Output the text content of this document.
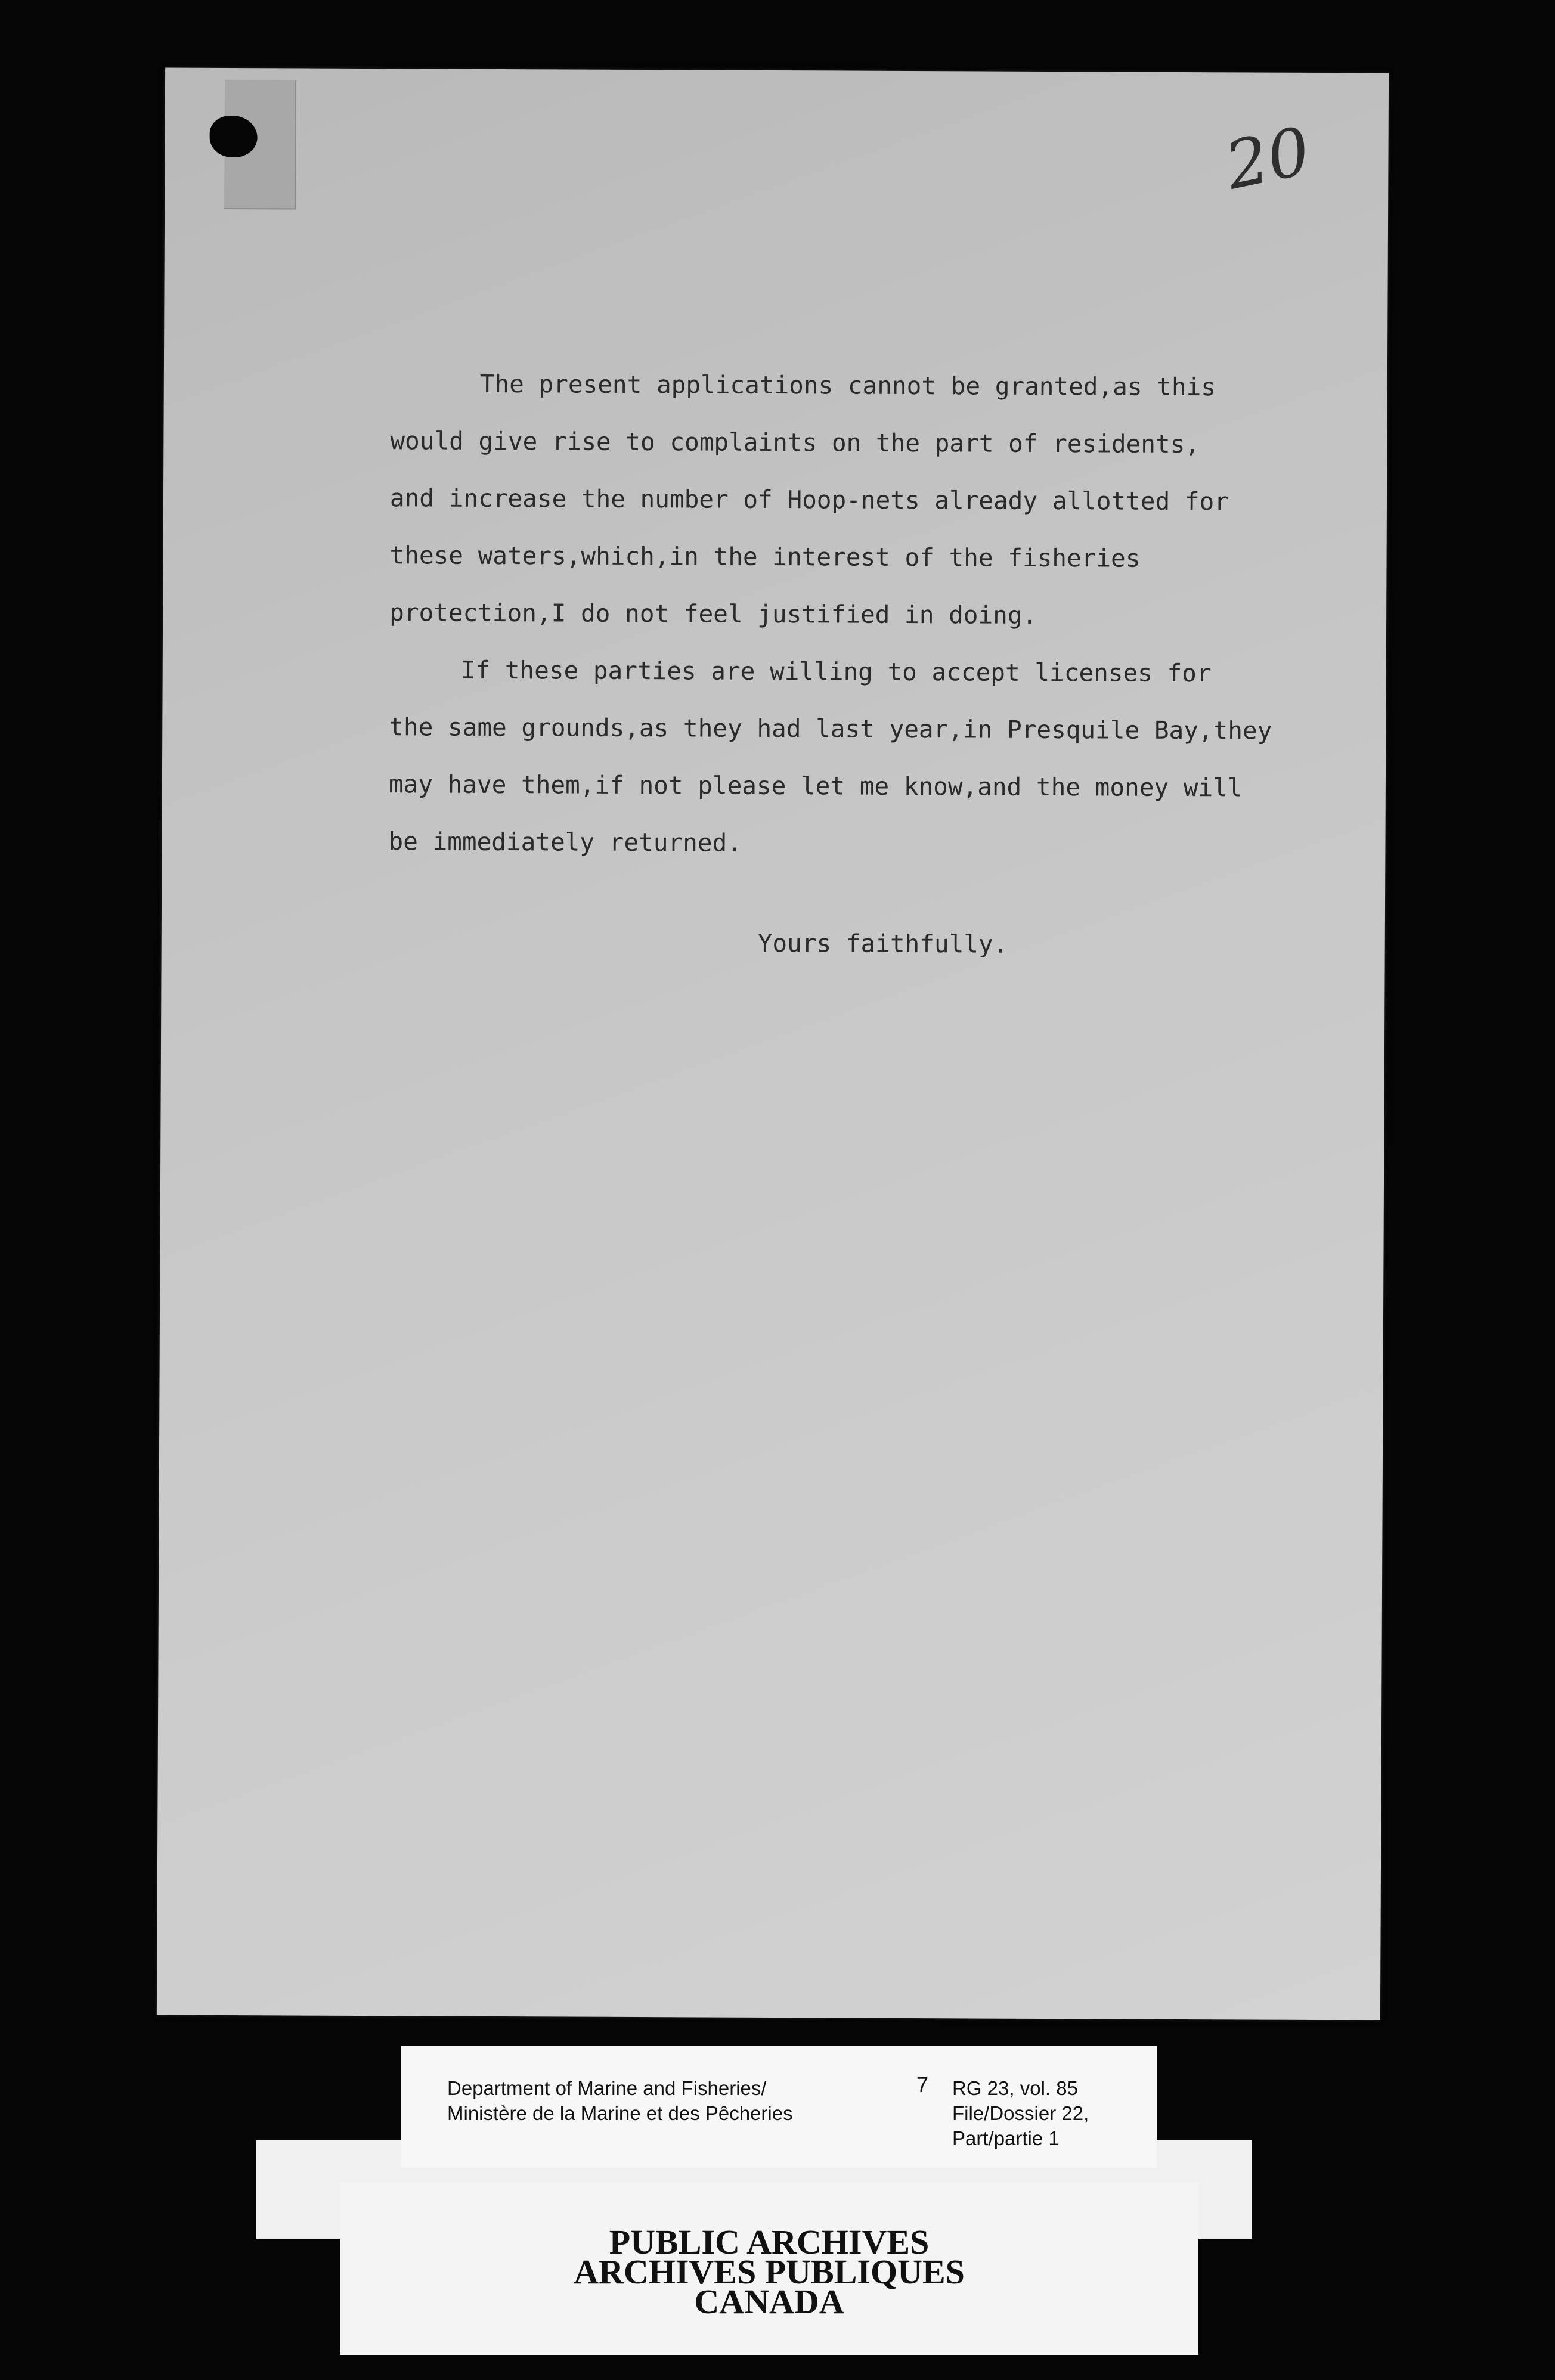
20

The present applications cannot be granted,as this
would give rise to complaints on the part of residents,
and increase the number of Hoop-nets already allotted for
these waters,which,in the interest of the fisheries
protection,I do not feel justified in doing.

If these parties are willing to accept licenses for
the same grounds,as they had last year,in Presquile Bay,they
may have them,if not please let me know,and the money will
be immediately returned.

Yours faithfully.
Department of Marine and Fisheries/
Ministère de la Marine et des Pêcheries
7 RG 23, vol. 85
File/Dossier 22,
Part/partie 1
PUBLIC ARCHIVES
ARCHIVES PUBLIQUES
CANADA
